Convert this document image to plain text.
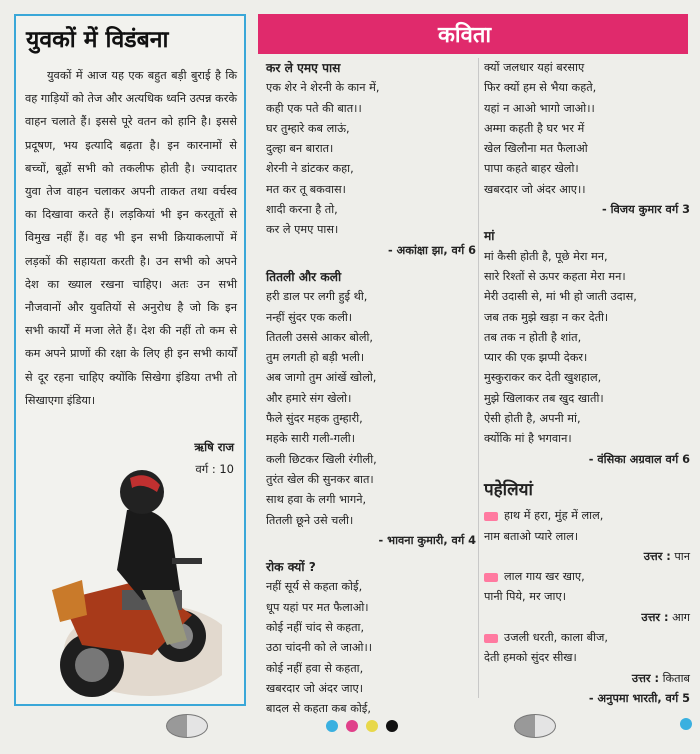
युवकों में विडंबना

युवकों में आज यह एक बहुत बड़ी बुराई है कि वह गाड़ियों को तेज और अत्यधिक ध्वनि उत्पन्न करके वाहन चलाते हैं। इससे पूरे वतन को हानि है। इससे प्रदूषण, भय इत्यादि बढ़ता है। इन कारनामों से बच्चों, बूढ़ों सभी को तकलीफ होती है। ज्यादातर युवा तेज वाहन चलाकर अपनी ताकत तथा वर्चस्व का दिखावा करते हैं। लड़कियां भी इन करतूतों से विमुख नहीं हैं। वह भी इन सभी क्रियाकलापों में लड़कों की सहायता करती है। उन सभी को अपने देश का ख्याल रखना चाहिए। अतः उन सभी नौजवानों और युवतियों से अनुरोध है जो कि इन सभी कार्यों में मजा लेते हैं। देश की नहीं तो कम से कम अपने प्राणों की रक्षा के लिए ही इन सभी कार्यों से दूर रहना चाहिए क्योंकि सिखेगा इंडिया तभी तो सिखाएगा इंडिया।

ऋषि राज
वर्ग : 10
कविता
कर ले एमए पास
एक शेर ने शेरनी के कान में,
कही एक पते की बात।।
घर तुम्हारे कब लाऊं,
दुल्हा बन बारात।
शेरनी ने डांटकर कहा,
मत कर तू बकवास।
शादी करना है तो,
कर ले एमए पास।
- अकांक्षा झा, वर्ग 6
तितली और कली
हरी डाल पर लगी हुई थी,
नन्हीं सुंदर एक कली।
तितली उससे आकर बोली,
तुम लगती हो बड़ी भली।
अब जागो तुम आंखें खोलो,
और हमारे संग खेलो।
फैले सुंदर महक तुम्हारी,
महके सारी गली-गली।
कली छिटकर खिली रंगीली,
तुरंत खेल की सुनकर बात।
साथ हवा के लगी भागने,
तितली छूने उसे चली।
- भावना कुमारी, वर्ग 4
रोक क्यों ?
नहीं सूर्य से कहता कोई,
धूप यहां पर मत फैलाओ।
कोई नहीं चांद से कहता,
उठा चांदनी को ले जाओ।।
कोई नहीं हवा से कहता,
खबरदार जो अंदर जाए।
बादल से कहता कब कोई,
क्यों जलधार यहां बरसाए
फिर क्यों हम से भैया कहते,
यहां न आओ भागो जाओ।।
अम्मा कहती है घर भर में
खेल खिलौना मत फैलाओ
पापा कहते बाहर खेलो।
खबरदार जो अंदर आए।।
- विजय कुमार वर्ग 3
मां
मां कैसी होती है, पूछे मेरा मन,
सारे रिश्तों से ऊपर कहता मेरा मन।
मेरी उदासी से, मां भी हो जाती उदास,
जब तक मुझे खड़ा न कर देती।
तब तक न होती है शांत,
प्यार की एक झप्पी देकर।
मुस्कुराकर कर देती खुशहाल,
मुझे खिलाकर तब खुद खाती।
ऐसी होती है, अपनी मां,
क्योंकि मां है भगवान।
- वंसिका अग्रवाल वर्ग 6
पहेलियां
हाथ में हरा, मुंह में लाल,
नाम बताओ प्यारे लाल।
उत्तर : पान
लाल गाय खर खाए,
पानी पिये, मर जाए।
उत्तर : आग
उजली धरती, काला बीज,
देती हमको सुंदर सीख।
उत्तर : किताब
- अनुपमा भारती, वर्ग 5
